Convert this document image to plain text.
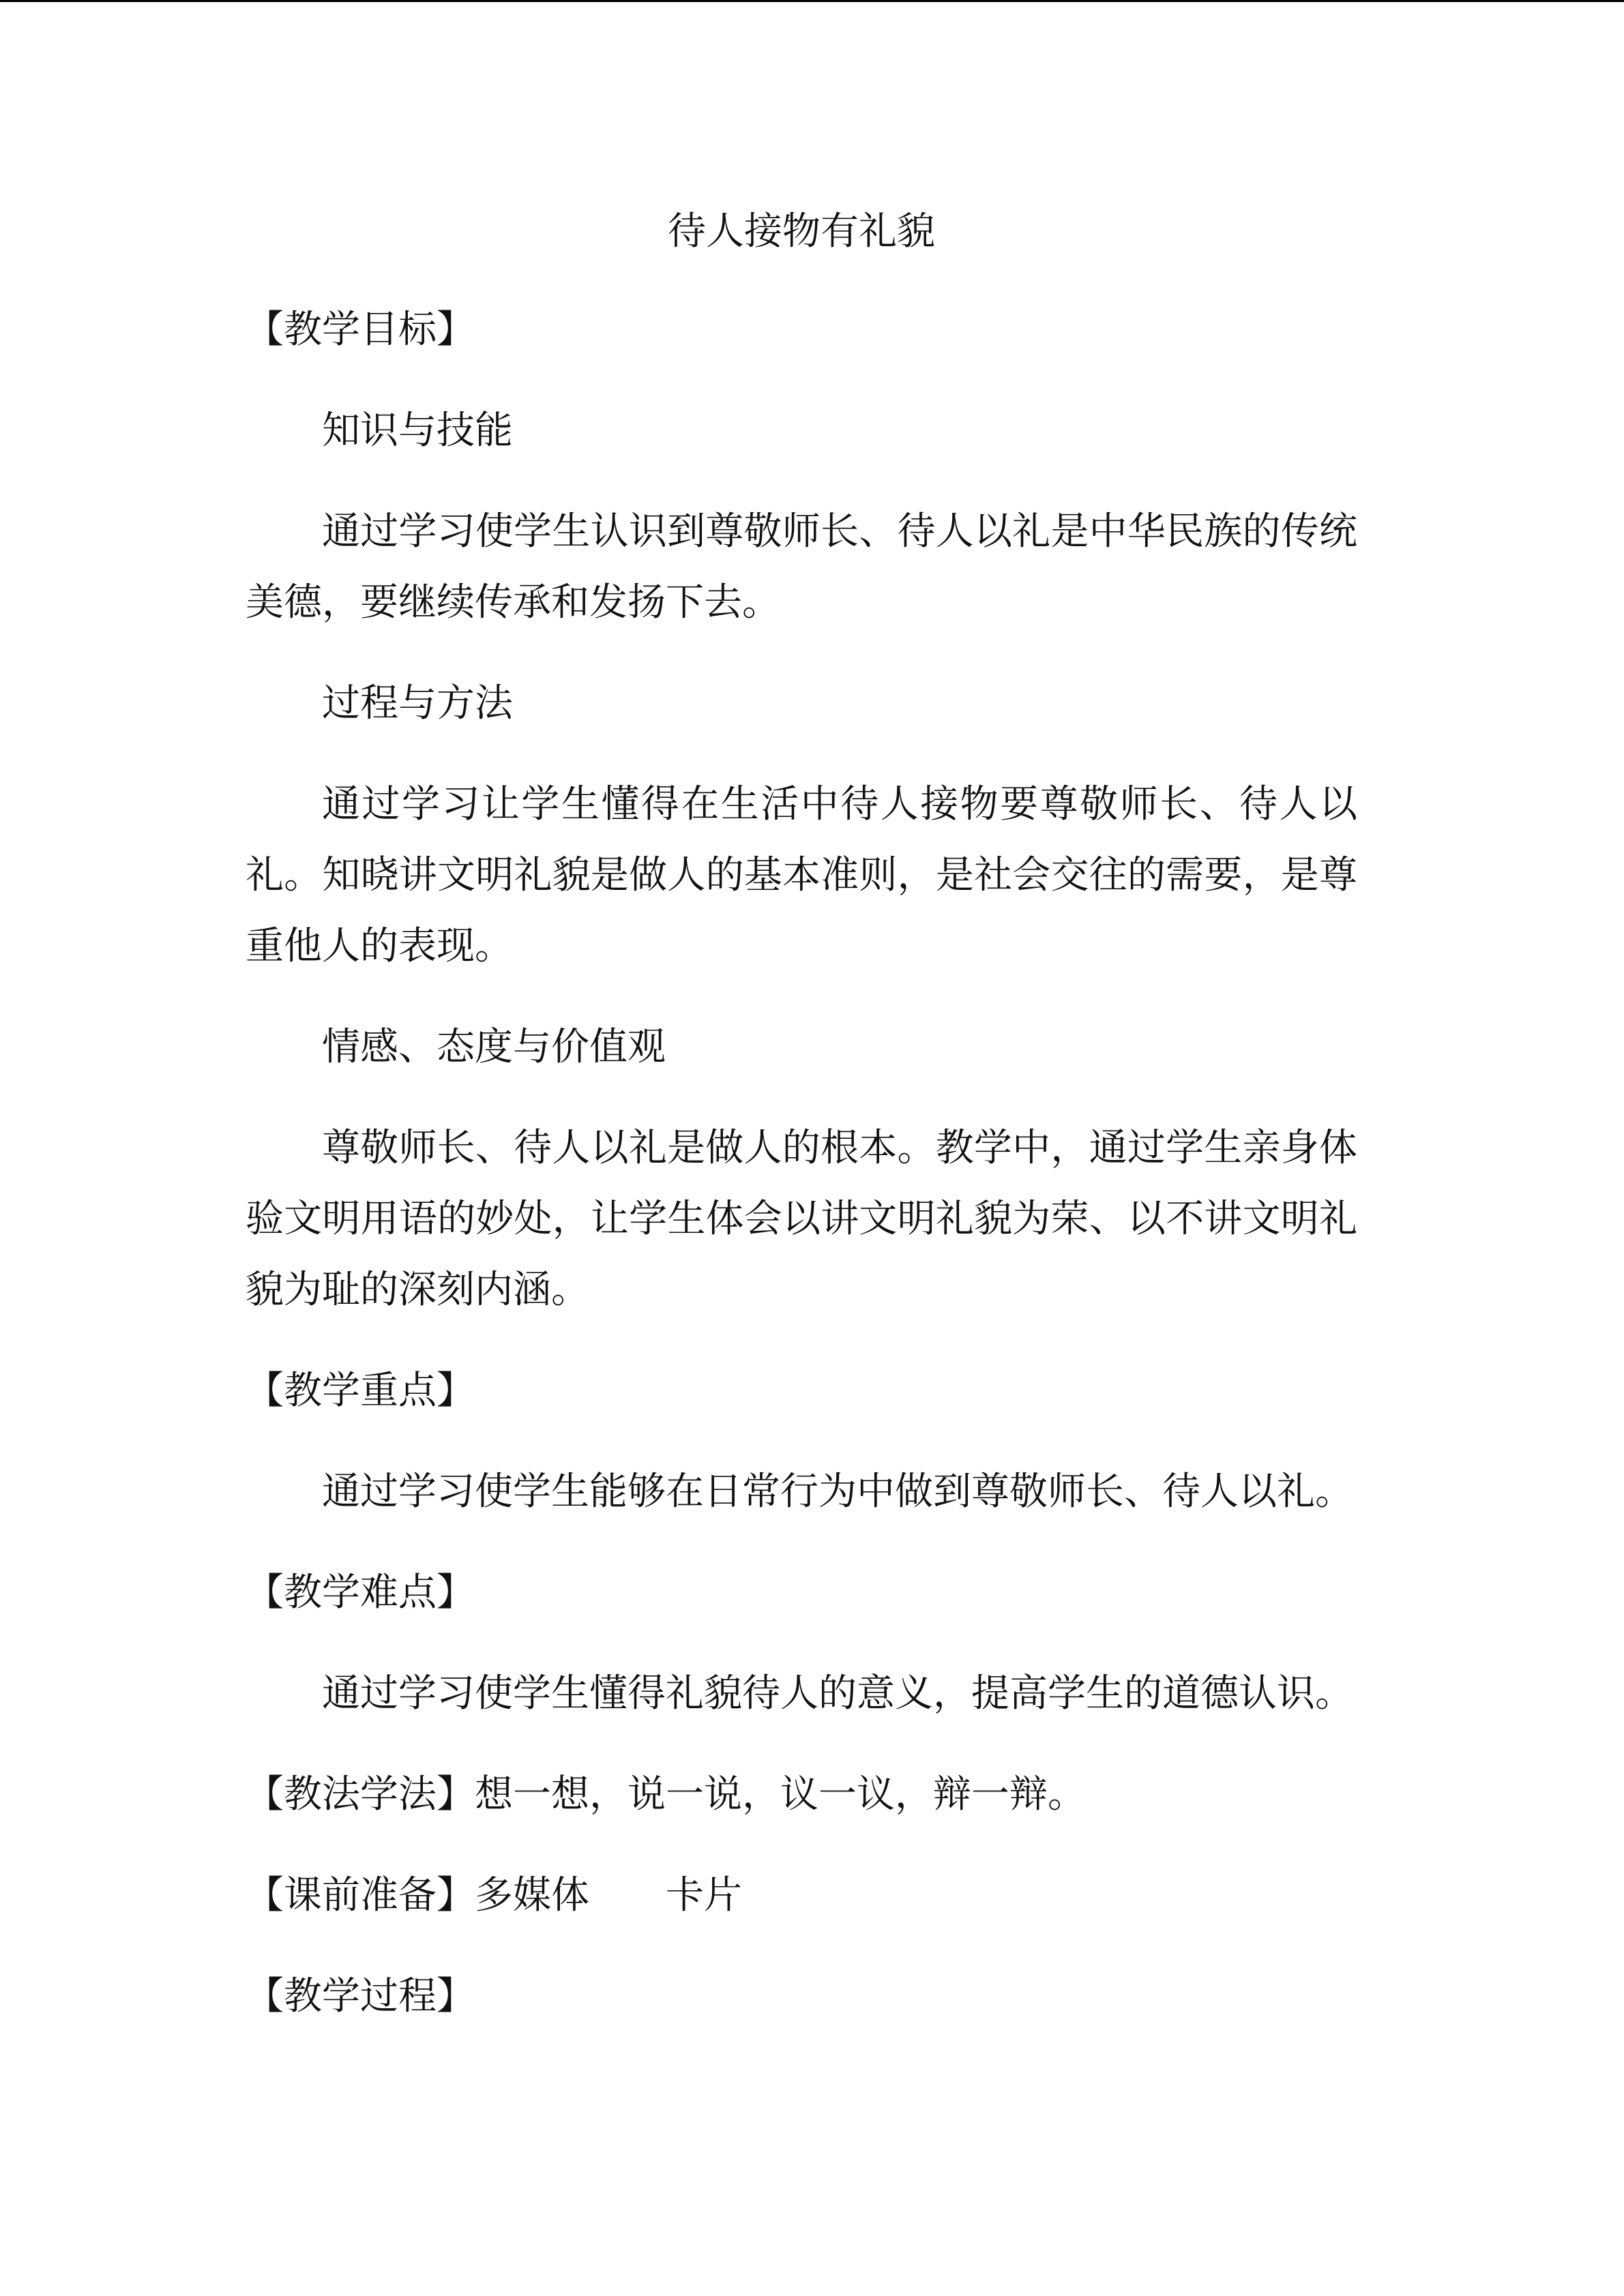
待人接物有礼貌
【教学目标】
知识与技能
通过学习使学生认识到尊敬师长、待人以礼是中华民族的传统美德，要继续传承和发扬下去。
过程与方法
通过学习让学生懂得在生活中待人接物要尊敬师长、待人以礼。知晓讲文明礼貌是做人的基本准则，是社会交往的需要，是尊重他人的表现。
情感、态度与价值观
尊敬师长、待人以礼是做人的根本。教学中，通过学生亲身体验文明用语的妙处，让学生体会以讲文明礼貌为荣、以不讲文明礼貌为耻的深刻内涵。
【教学重点】
通过学习使学生能够在日常行为中做到尊敬师长、待人以礼。
【教学难点】
通过学习使学生懂得礼貌待人的意义，提高学生的道德认识。
【教法学法】想一想，说一说，议一议，辩一辩。
【课前准备】多媒体 卡片
【教学过程】
